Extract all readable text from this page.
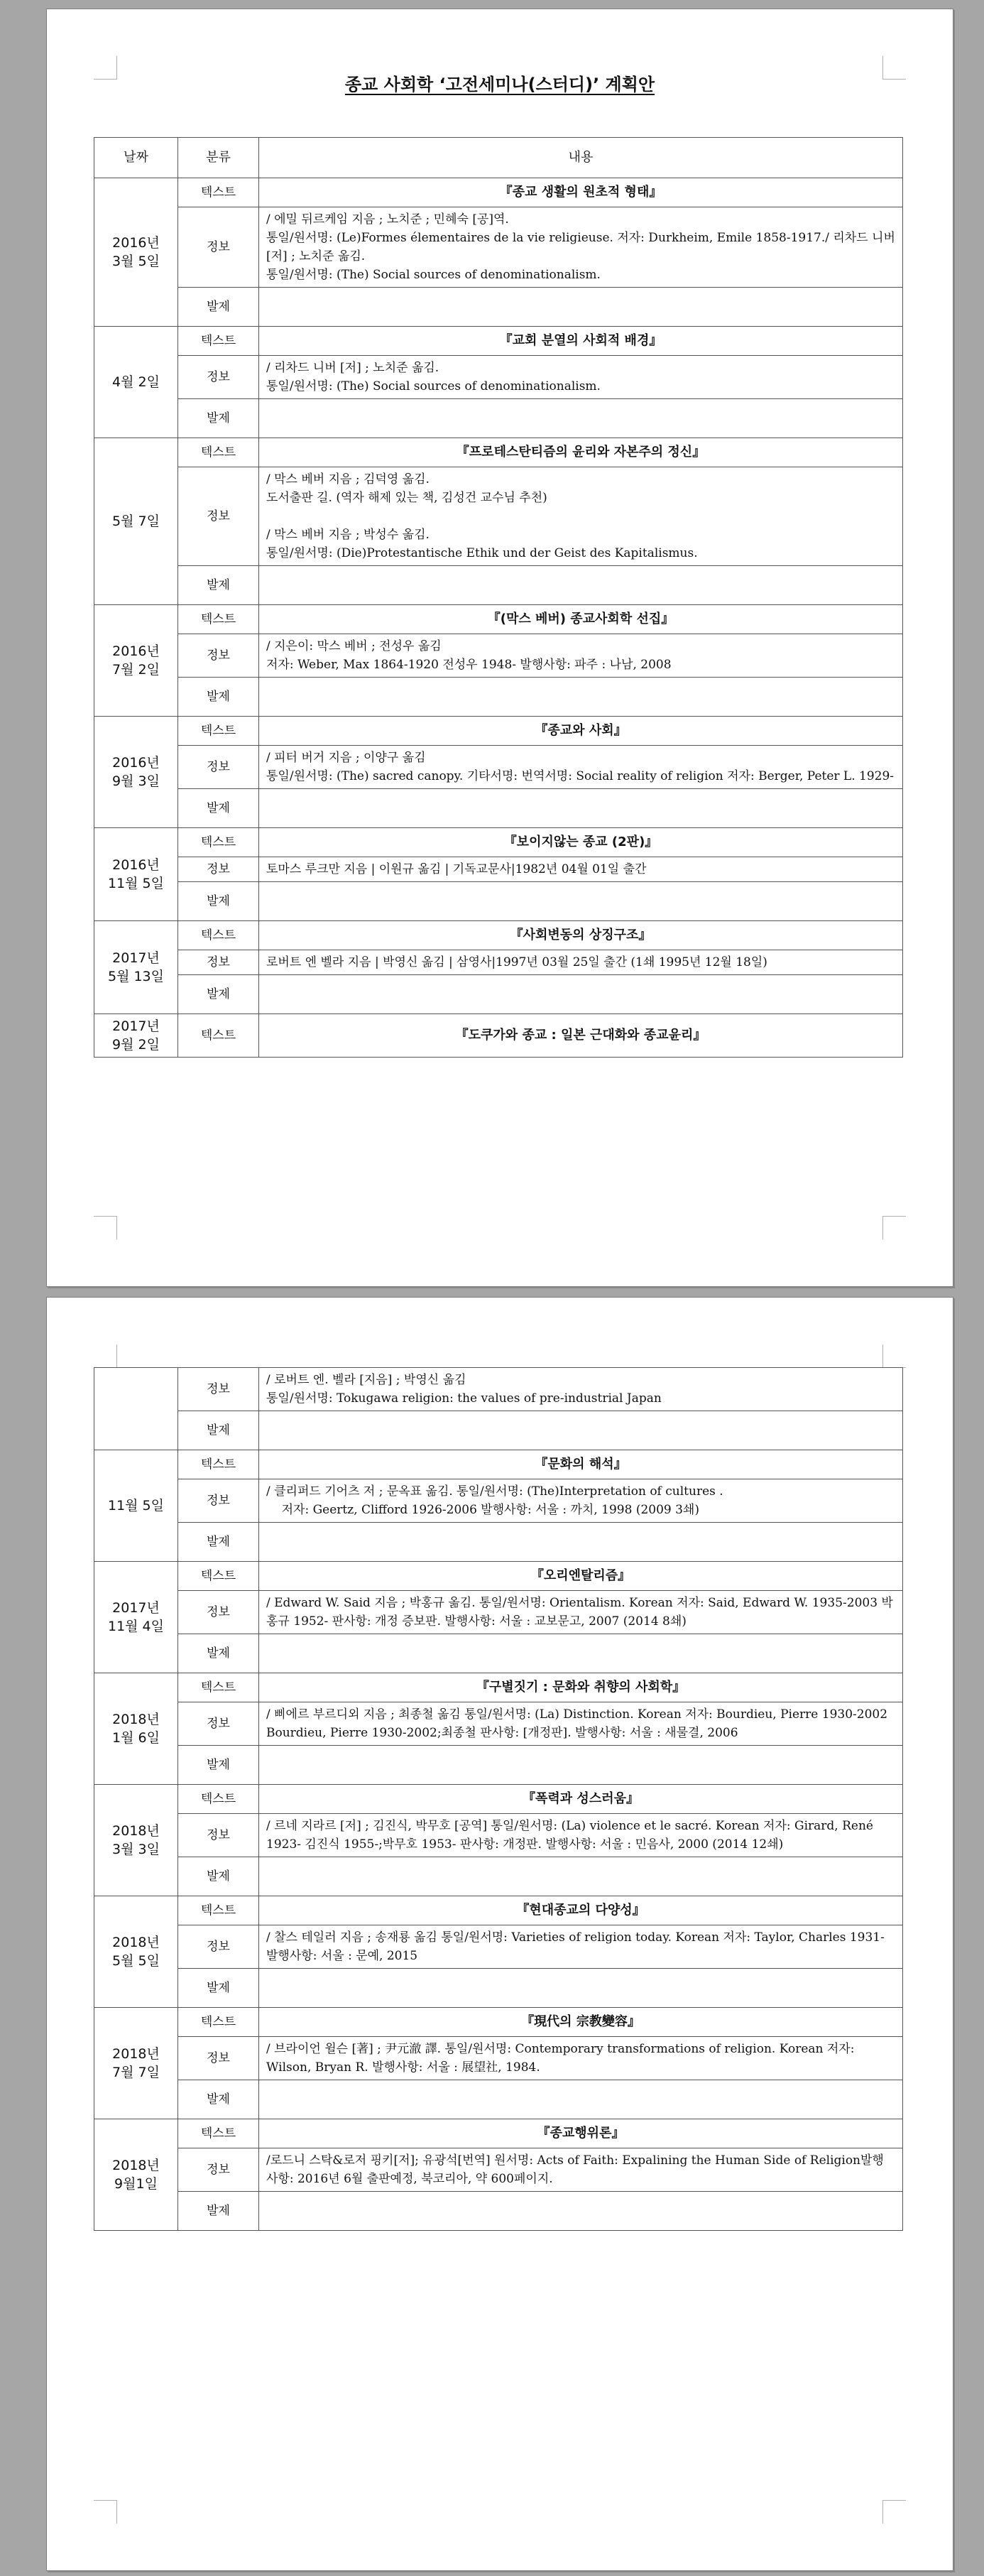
종교 사회학 ‘고전세미나(스터디)’ 계획안
날짜	분류	내용

2016년
3월 5일	텍스트	『종교 생활의 원초적 형태』
	정보	/ 에밀 뒤르케임 지음 ; 노치준 ; 민혜숙 [공]역.
통일/원서명: (Le)Formes élementaires de la vie religieuse. 저자: Durkheim, Emile 1858-1917./ 리차드 니버 [저] ; 노치준 옮김.
통일/원서명: (The) Social sources of denominationalism.

	발제	

4월 2일	텍스트	『교회 분열의 사회적 배경』
	정보	/ 리차드 니버 [저] ; 노치준 옮김.
통일/원서명: (The) Social sources of denominationalism.

	발제	

5월 7일	텍스트	『프로테스탄티즘의 윤리와 자본주의 정신』
	정보	/ 막스 베버 지음 ; 김덕영 옮김.
도서출판 길. (역자 해제 있는 책, 김성건 교수님 추천)
/ 막스 베버 지음 ; 박성수 옮김.
통일/원서명: (Die)Protestantische Ethik und der Geist des Kapitalismus.

	발제	

2016년
7월 2일	텍스트	『(막스 베버) 종교사회학 선집』
	정보	/ 지은이: 막스 베버 ; 전성우 옮김
저자: Weber, Max 1864-1920 전성우 1948- 발행사항: 파주 : 나남, 2008

	발제	

2016년
9월 3일	텍스트	『종교와 사회』
	정보	/ 피터 버거 지음 ; 이양구 옮김
통일/원서명: (The) sacred canopy. 기타서명: 번역서명: Social reality of religion 저자: Berger, Peter L. 1929-

	발제	

2016년
11월 5일	텍스트	『보이지않는 종교 (2판)』
	정보	토마스 루크만 지음 | 이원규 옮김 | 기독교문사|1982년 04월 01일 출간

	발제	

2017년
5월 13일	텍스트	『사회변동의 상징구조』
	정보	로버트 엔 벨라 지음 | 박영신 옮김 | 삼영사|1997년 03월 25일 출간 (1쇄 1995년 12월 18일)

	발제	

2017년
9월 2일	텍스트	『도쿠가와 종교 : 일본 근대화와 종교윤리』
	정보	/ 로버트 엔. 벨라 [지음] ; 박영신 옮김
통일/원서명: Tokugawa religion: the values of pre-industrial Japan

	발제	

11월 5일	텍스트	『문화의 해석』
	정보	/ 클리퍼드 기어츠 저 ; 문옥표 옮김. 통일/원서명: (The)Interpretation of cultures .
저자: Geertz, Clifford 1926-2006 발행사항: 서울 : 까치, 1998 (2009 3쇄)

	발제	

2017년
11월 4일	텍스트	『오리엔탈리즘』
	정보	/ Edward W. Said 지음 ; 박홍규 옮김. 통일/원서명: Orientalism. Korean 저자: Said, Edward W. 1935-2003 박홍규 1952- 판사항: 개정 증보판. 발행사항: 서울 : 교보문고, 2007 (2014 8쇄)

	발제	

2018년
1월 6일	텍스트	『구별짓기 : 문화와 취향의 사회학』
	정보	/ 삐에르 부르디외 지음 ; 최종철 옮김 통일/원서명: (La) Distinction. Korean 저자: Bourdieu, Pierre 1930-2002 Bourdieu, Pierre 1930-2002;최종철 판사항: [개정판]. 발행사항: 서울 : 새물결, 2006

	발제	

2018년
3월 3일	텍스트	『폭력과 성스러움』
	정보	/ 르네 지라르 [저] ; 김진식, 박무호 [공역] 통일/원서명: (La) violence et le sacré. Korean 저자: Girard, René 1923- 김진식 1955-;박무호 1953- 판사항: 개정판. 발행사항: 서울 : 민음사, 2000 (2014 12쇄)

	발제	

2018년
5월 5일	텍스트	『현대종교의 다양성』
	정보	/ 찰스 테일러 지음 ; 송재룡 옮김 통일/원서명: Varieties of religion today. Korean 저자: Taylor, Charles 1931-발행사항: 서울 : 문예, 2015

	발제	

2018년
7월 7일	텍스트	『現代의 宗教變容』
	정보	/ 브라이언 윌슨 [著] ; 尹元澈 譯. 통일/원서명: Contemporary transformations of religion. Korean 저자: Wilson, Bryan R. 발행사항: 서울 : 展望社, 1984.

	발제	

2018년
9월1일	텍스트	『종교행위론』
	정보	/로드니 스탁&로저 핑키[저]; 유광석[번역] 원서명: Acts of Faith: Expalining the Human Side of Religion발행사항: 2016년 6월 출판예정, 북코리아, 약 600페이지.

	발제	
